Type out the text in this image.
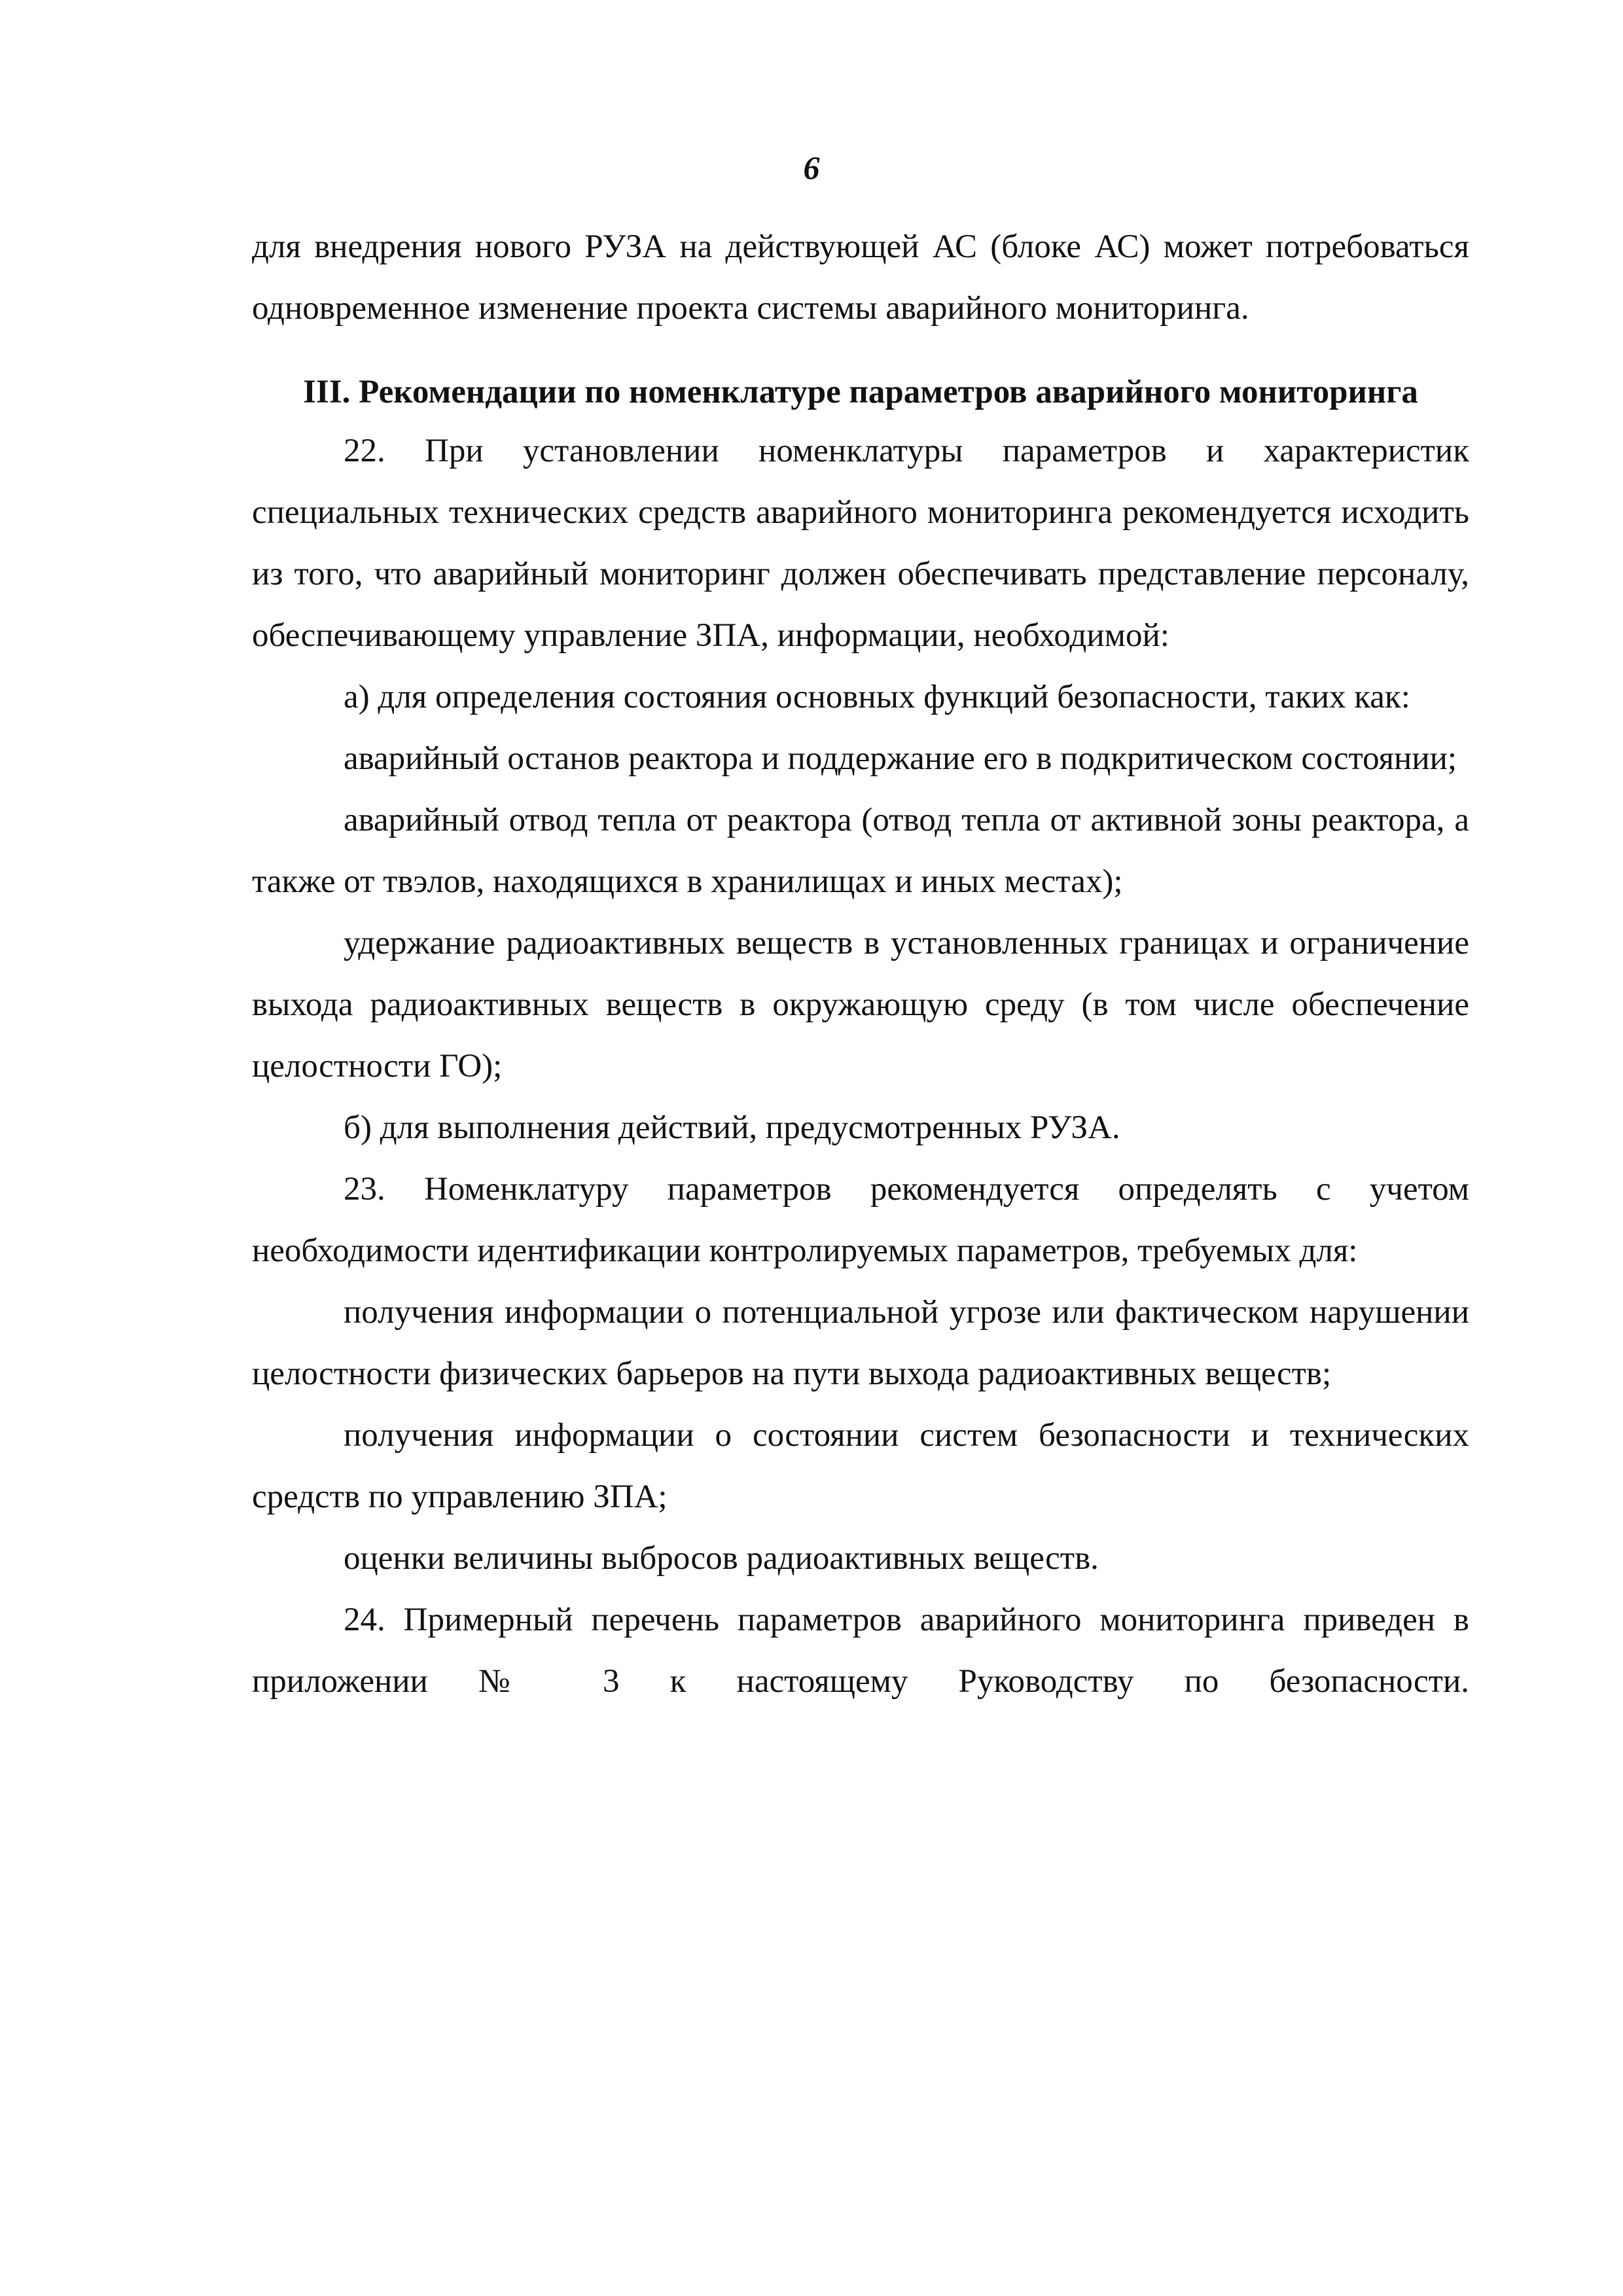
6

для внедрения нового РУЗА на действующей АС (блоке АС) может потребоваться одновременное изменение проекта системы аварийного мониторинга.

III. Рекомендации по номенклатуре параметров аварийного мониторинга

22. При установлении номенклатуры параметров и характеристик специальных технических средств аварийного мониторинга рекомендуется исходить из того, что аварийный мониторинг должен обеспечивать представление персоналу, обеспечивающему управление ЗПА, информации, необходимой:

а) для определения состояния основных функций безопасности, таких как:

аварийный останов реактора и поддержание его в подкритическом состоянии;

аварийный отвод тепла от реактора (отвод тепла от активной зоны реактора, а также от твэлов, находящихся в хранилищах и иных местах);

удержание радиоактивных веществ в установленных границах и ограничение выхода радиоактивных веществ в окружающую среду (в том числе обеспечение целостности ГО);

б) для выполнения действий, предусмотренных РУЗА.

23. Номенклатуру параметров рекомендуется определять с учетом необходимости идентификации контролируемых параметров, требуемых для:

получения информации о потенциальной угрозе или фактическом нарушении целостности физических барьеров на пути выхода радиоактивных веществ;

получения информации о состоянии систем безопасности и технических средств по управлению ЗПА;

оценки величины выбросов радиоактивных веществ.

24. Примерный перечень параметров аварийного мониторинга приведен в приложении № 3 к настоящему Руководству по безопасности.
